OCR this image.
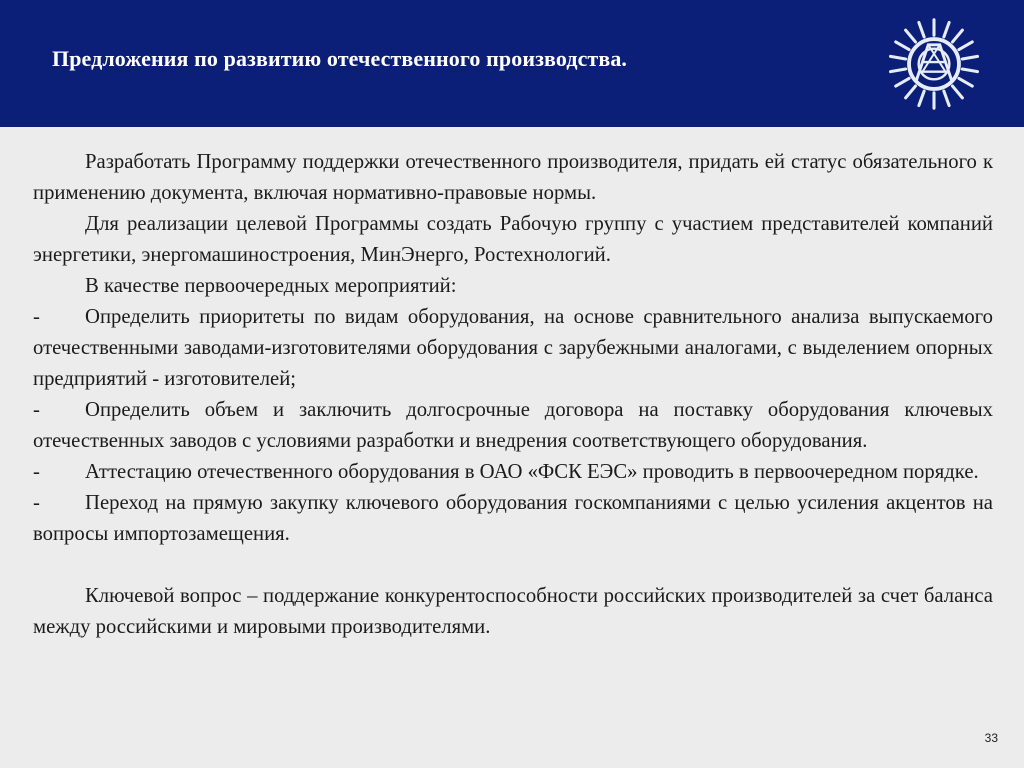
Предложения по развитию отечественного производства.

Разработать Программу поддержки отечественного производителя, придать ей статус обязательного к применению документа, включая нормативно-правовые нормы.

Для реализации целевой Программы создать Рабочую группу с участием представителей компаний энергетики, энергомашиностроения, МинЭнерго, Ростехнологий.

В качестве первоочередных мероприятий:

- Определить приоритеты по видам оборудования, на основе сравнительного анализа выпускаемого отечественными заводами-изготовителями оборудования с зарубежными аналогами, с выделением опорных предприятий - изготовителей;

- Определить объем и заключить долгосрочные договора на поставку оборудования ключевых отечественных заводов с условиями разработки и внедрения соответствующего оборудования.

- Аттестацию отечественного оборудования в ОАО «ФСК ЕЭС» проводить в первоочередном порядке.

- Переход на прямую закупку ключевого оборудования госкомпаниями с целью усиления акцентов на вопросы импортозамещения.

Ключевой вопрос – поддержание конкурентоспособности российских производителей за счет баланса между российскими и мировыми производителями.

33
